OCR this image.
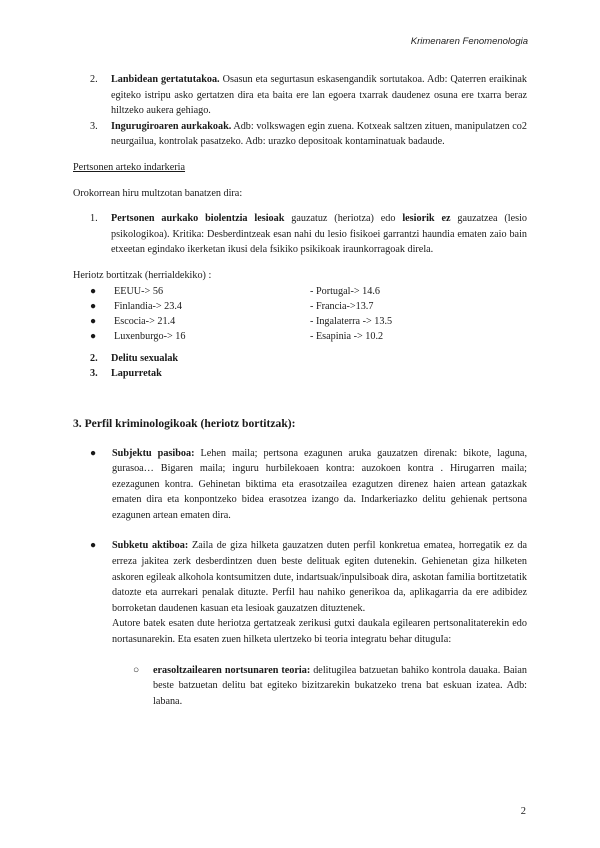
Krimenaren Fenomenologia
2.	Lanbidean gertatutakoa. Osasun eta segurtasun eskasengandik sortutakoa. Adb: Qaterren eraikinak egiteko istripu asko gertatzen dira eta baita ere lan egoera txarrak daudenez osuna ere txarra beraz hiltzeko aukera gehiago.
3.	Ingurugiroaren aurkakoak. Adb: volkswagen egin zuena. Kotxeak saltzen zituen, manipulatzen co2 neurgailua, kontrolak pasatzeko. Adb: urazko depositoak kontaminatuak badaude.
Pertsonen arteko indarkeria
Orokorrean hiru multzotan banatzen dira:
1.	Pertsonen aurkako biolentzia lesioak gauzatuz (heriotza) edo lesiorik ez gauzatzea (lesio psikologikoa). Kritika: Desberdintzeak esan nahi du lesio fisikoei garrantzi haundia ematen zaio bain etxeetan egindako ikerketan ikusi dela fsikiko psikikoak iraunkorragoak direla.
Heriotz bortitzak (herrialdekiko) :
●	EEUU-> 56	- Portugal-> 14.6
●	Finlandia-> 23.4	- Francia->13.7
●	Escocia-> 21.4	- Ingalaterra -> 13.5
●	Luxenburgo-> 16	- Esapinia -> 10.2
2.	Delitu sexualak
3.	Lapurretak
3. Perfil kriminologikoak (heriotz bortitzak):
●	Subjektu pasiboa: Lehen maila; pertsona ezagunen aruka gauzatzen direnak: bikote, laguna, gurasoa… Bigaren maila; inguru hurbilekoaen kontra: auzokoen kontra . Hirugarren maila; ezezagunen kontra. Gehinetan biktima eta erasotzailea ezagutzen direnez haien artean gatazkak ematen dira eta konpontzeko bidea erasotzea izango da. Indarkeriazko delitu gehienak pertsona ezagunen artean ematen dira.
●	Subketu aktiboa: Zaila de giza hilketa gauzatzen duten perfil konkretua ematea, horregatik ez da erreza jakitea zerk desberdintzen duen beste delituak egiten dutenekin. Gehienetan giza hilketen askoren egileak alkohola kontsumitzen dute, indartsuak/inpulsiboak dira, askotan familia bortitzetatik datozte eta aurrekari penalak dituzte. Perfil hau nahiko generikoa da, aplikagarria da ere adibidez borroketan daudenen kasuan eta lesioak gauzatzen dituztenek.
Autore batek esaten dute heriotza gertatzeak zerikusi gutxi daukala egilearen pertsonalitaterekin edo nortasunarekin. Eta esaten zuen hilketa ulertzeko bi teoria integratu behar dituguIa:
○	erasoltzailearen nortsunaren teoria: delitugilea batzuetan bahiko kontrola dauaka. Baian beste batzuetan delitu bat egiteko bizitzarekin bukatzeko trena bat eskuan izatea. Adb: labana.
2
